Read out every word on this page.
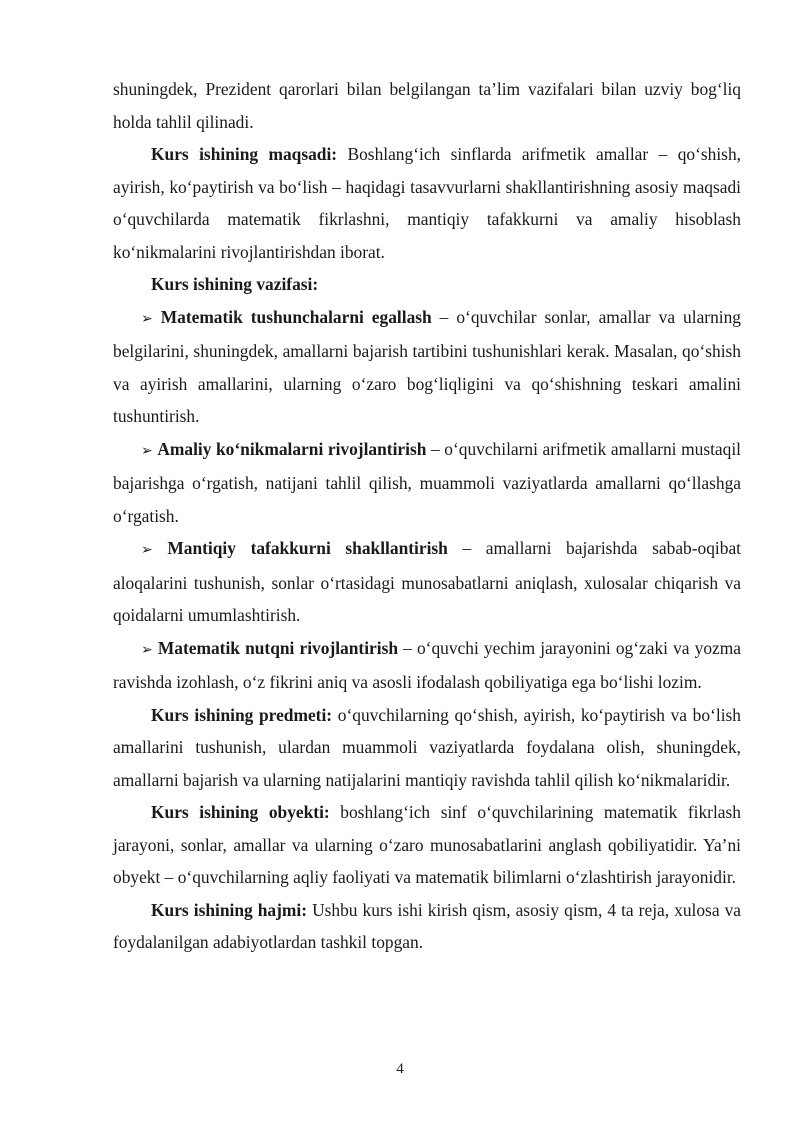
shuningdek, Prezident qarorlari bilan belgilangan ta’lim vazifalari bilan uzviy bog‘liq holda tahlil qilinadi.

Kurs ishining maqsadi: Boshlang‘ich sinflarda arifmetik amallar – qo‘shish, ayirish, ko‘paytirish va bo‘lish – haqidagi tasavvurlarni shakllantirishning asosiy maqsadi o‘quvchilarda matematik fikrlashni, mantiqiy tafakkurni va amaliy hisoblash ko‘nikmalarini rivojlantirishdan iborat.

Kurs ishining vazifasi:

➢ Matematik tushunchalarni egallash – o‘quvchilar sonlar, amallar va ularning belgilarini, shuningdek, amallarni bajarish tartibini tushunishlari kerak. Masalan, qo‘shish va ayirish amallarini, ularning o‘zaro bog‘liqligini va qo‘shishning teskari amalini tushuntirish.

➢ Amaliy ko‘nikmalarni rivojlantirish – o‘quvchilarni arifmetik amallarni mustaqil bajarishga o‘rgatish, natijani tahlil qilish, muammoli vaziyatlarda amallarni qo‘llashga o‘rgatish.

➢ Mantiqiy tafakkurni shakllantirish – amallarni bajarishda sabab-oqibat aloqalarini tushunish, sonlar o‘rtasidagi munosabatlarni aniqlash, xulosalar chiqarish va qoidalarni umumlashtirish.

➢ Matematik nutqni rivojlantirish – o‘quvchi yechim jarayonini og‘zaki va yozma ravishda izohlash, o‘z fikrini aniq va asosli ifodalash qobiliyatiga ega bo‘lishi lozim.

Kurs ishining predmeti: o‘quvchilarning qo‘shish, ayirish, ko‘paytirish va bo‘lish amallarini tushunish, ulardan muammoli vaziyatlarda foydalana olish, shuningdek, amallarni bajarish va ularning natijalarini mantiqiy ravishda tahlil qilish ko‘nikmalaridir.

Kurs ishining obyekti: boshlang‘ich sinf o‘quvchilarining matematik fikrlash jarayoni, sonlar, amallar va ularning o‘zaro munosabatlarini anglash qobiliyatidir. Ya’ni obyekt – o‘quvchilarning aqliy faoliyati va matematik bilimlarni o‘zlashtirish jarayonidir.

Kurs ishining hajmi: Ushbu kurs ishi kirish qism, asosiy qism, 4 ta reja, xulosa va foydalanilgan adabiyotlardan tashkil topgan.

4
